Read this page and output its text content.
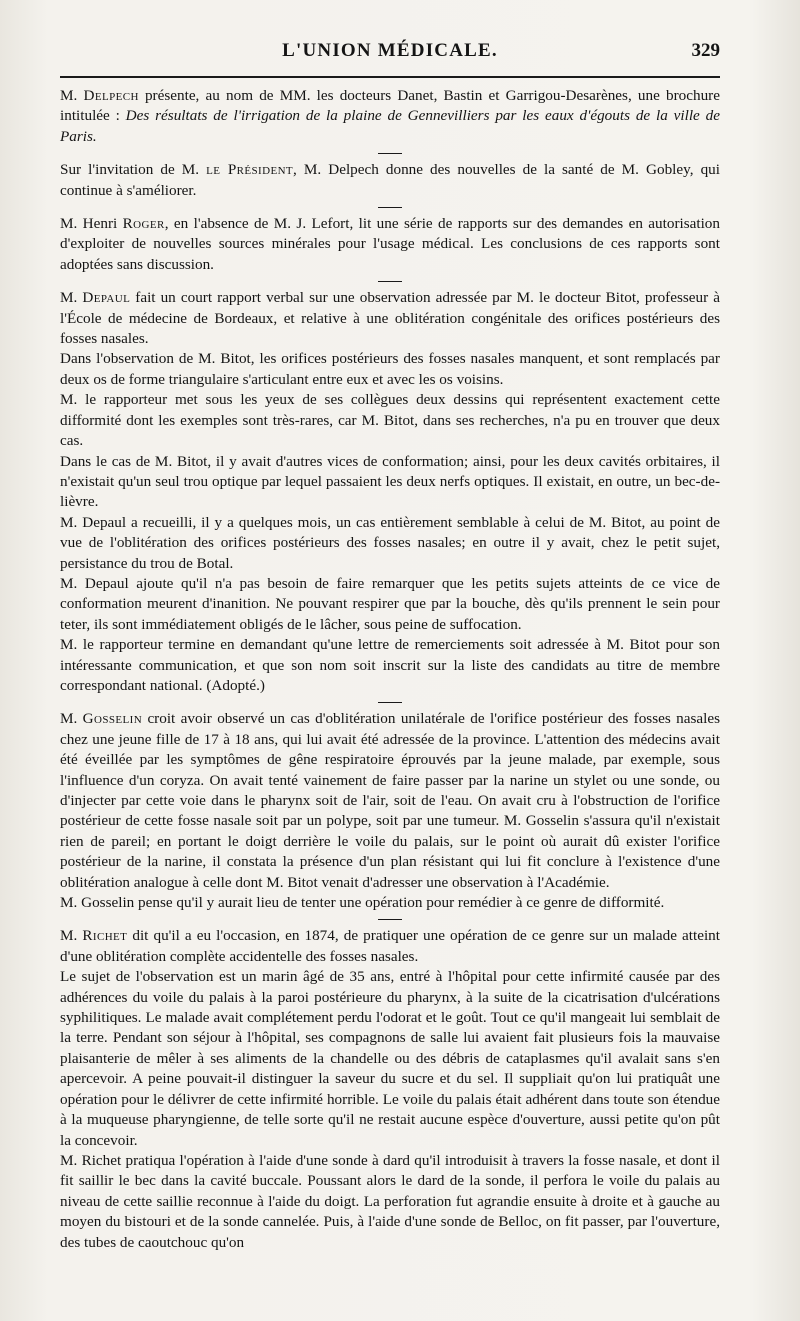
L'UNION MÉDICALE.	329

M. Delpech présente, au nom de MM. les docteurs Danet, Bastin et Garrigou-Desarènes, une brochure intitulée : Des résultats de l'irrigation de la plaine de Gennevilliers par les eaux d'égouts de la ville de Paris.

Sur l'invitation de M. le Président, M. Delpech donne des nouvelles de la santé de M. Gobley, qui continue à s'améliorer.

M. Henri Roger, en l'absence de M. J. Lefort, lit une série de rapports sur des demandes en autorisation d'exploiter de nouvelles sources minérales pour l'usage médical. Les conclusions de ces rapports sont adoptées sans discussion.

M. Depaul fait un court rapport verbal sur une observation adressée par M. le docteur Bitot, professeur à l'École de médecine de Bordeaux, et relative à une oblitération congénitale des orifices postérieurs des fosses nasales.

Dans l'observation de M. Bitot, les orifices postérieurs des fosses nasales manquent, et sont remplacés par deux os de forme triangulaire s'articulant entre eux et avec les os voisins.

M. le rapporteur met sous les yeux de ses collègues deux dessins qui représentent exactement cette difformité dont les exemples sont très-rares, car M. Bitot, dans ses recherches, n'a pu en trouver que deux cas.

Dans le cas de M. Bitot, il y avait d'autres vices de conformation; ainsi, pour les deux cavités orbitaires, il n'existait qu'un seul trou optique par lequel passaient les deux nerfs optiques. Il existait, en outre, un bec-de-lièvre.

M. Depaul a recueilli, il y a quelques mois, un cas entièrement semblable à celui de M. Bitot, au point de vue de l'oblitération des orifices postérieurs des fosses nasales; en outre il y avait, chez le petit sujet, persistance du trou de Botal.

M. Depaul ajoute qu'il n'a pas besoin de faire remarquer que les petits sujets atteints de ce vice de conformation meurent d'inanition. Ne pouvant respirer que par la bouche, dès qu'ils prennent le sein pour teter, ils sont immédiatement obligés de le lâcher, sous peine de suffocation.

M. le rapporteur termine en demandant qu'une lettre de remerciements soit adressée à M. Bitot pour son intéressante communication, et que son nom soit inscrit sur la liste des candidats au titre de membre correspondant national. (Adopté.)

M. Gosselin croit avoir observé un cas d'oblitération unilatérale de l'orifice postérieur des fosses nasales chez une jeune fille de 17 à 18 ans, qui lui avait été adressée de la province. L'attention des médecins avait été éveillée par les symptômes de gêne respiratoire éprouvés par la jeune malade, par exemple, sous l'influence d'un coryza. On avait tenté vainement de faire passer par la narine un stylet ou une sonde, ou d'injecter par cette voie dans le pharynx soit de l'air, soit de l'eau. On avait cru à l'obstruction de l'orifice postérieur de cette fosse nasale soit par un polype, soit par une tumeur. M. Gosselin s'assura qu'il n'existait rien de pareil; en portant le doigt derrière le voile du palais, sur le point où aurait dû exister l'orifice postérieur de la narine, il constata la présence d'un plan résistant qui lui fit conclure à l'existence d'une oblitération analogue à celle dont M. Bitot venait d'adresser une observation à l'Académie.

M. Gosselin pense qu'il y aurait lieu de tenter une opération pour remédier à ce genre de difformité.

M. Richet dit qu'il a eu l'occasion, en 1874, de pratiquer une opération de ce genre sur un malade atteint d'une oblitération complète accidentelle des fosses nasales.

Le sujet de l'observation est un marin âgé de 35 ans, entré à l'hôpital pour cette infirmité causée par des adhérences du voile du palais à la paroi postérieure du pharynx, à la suite de la cicatrisation d'ulcérations syphilitiques. Le malade avait complétement perdu l'odorat et le goût. Tout ce qu'il mangeait lui semblait de la terre. Pendant son séjour à l'hôpital, ses compagnons de salle lui avaient fait plusieurs fois la mauvaise plaisanterie de mêler à ses aliments de la chandelle ou des débris de cataplasmes qu'il avalait sans s'en apercevoir. A peine pouvait-il distinguer la saveur du sucre et du sel. Il suppliait qu'on lui pratiquât une opération pour le délivrer de cette infirmité horrible. Le voile du palais était adhérent dans toute son étendue à la muqueuse pharyngienne, de telle sorte qu'il ne restait aucune espèce d'ouverture, aussi petite qu'on pût la concevoir.

M. Richet pratiqua l'opération à l'aide d'une sonde à dard qu'il introduisit à travers la fosse nasale, et dont il fit saillir le bec dans la cavité buccale. Poussant alors le dard de la sonde, il perfora le voile du palais au niveau de cette saillie reconnue à l'aide du doigt. La perforation fut agrandie ensuite à droite et à gauche au moyen du bistouri et de la sonde cannelée. Puis, à l'aide d'une sonde de Belloc, on fit passer, par l'ouverture, des tubes de caoutchouc qu'on
